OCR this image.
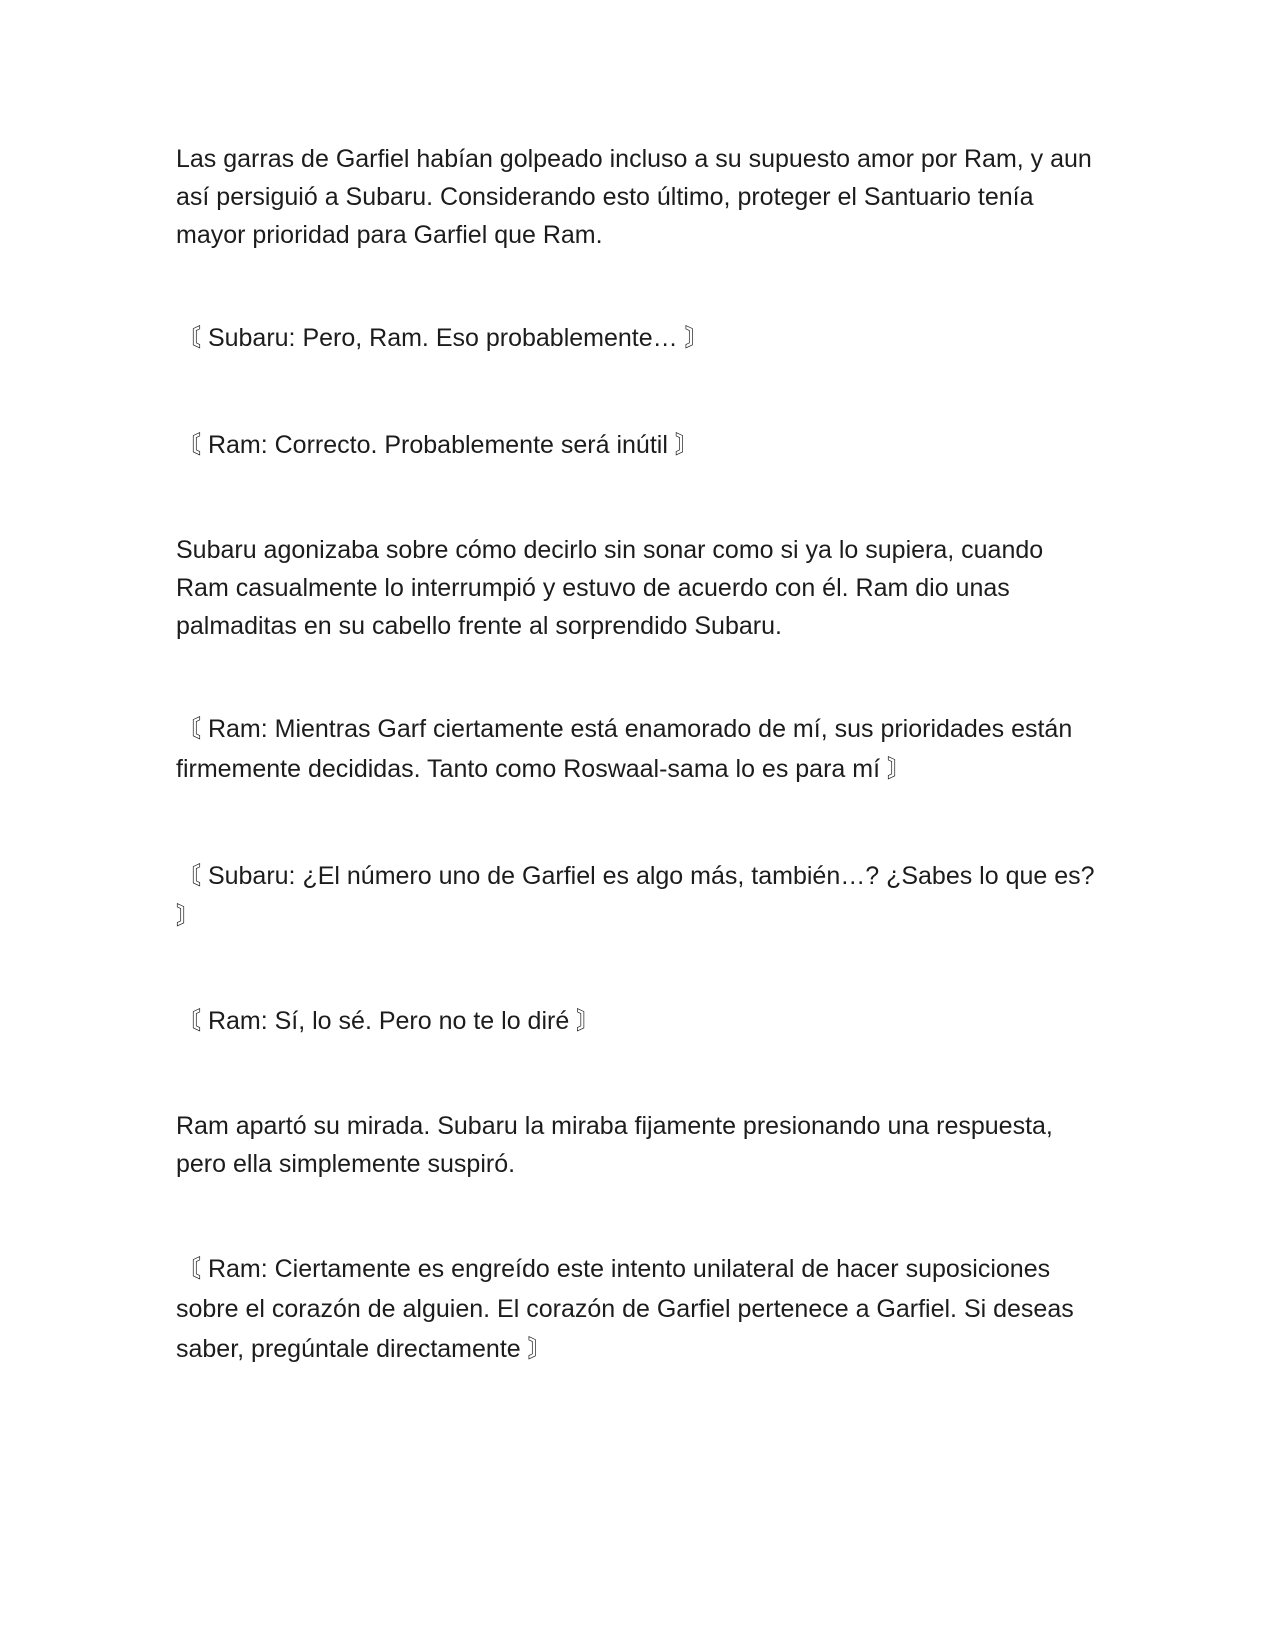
Las garras de Garfiel habían golpeado incluso a su supuesto amor por Ram, y aun así persiguió a Subaru. Considerando esto último, proteger el Santuario tenía mayor prioridad para Garfiel que Ram.

〘 Subaru: Pero, Ram. Eso probablemente… 〙

〘 Ram: Correcto. Probablemente será inútil 〙

Subaru agonizaba sobre cómo decirlo sin sonar como si ya lo supiera, cuando Ram casualmente lo interrumpió y estuvo de acuerdo con él. Ram dio unas palmaditas en su cabello frente al sorprendido Subaru.

〘 Ram: Mientras Garf ciertamente está enamorado de mí, sus prioridades están firmemente decididas. Tanto como Roswaal-sama lo es para mí 〙

〘 Subaru: ¿El número uno de Garfiel es algo más, también…? ¿Sabes lo que es? 〙

〘 Ram: Sí, lo sé. Pero no te lo diré 〙

Ram apartó su mirada. Subaru la miraba fijamente presionando una respuesta, pero ella simplemente suspiró.

〘 Ram: Ciertamente es engreído este intento unilateral de hacer suposiciones sobre el corazón de alguien. El corazón de Garfiel pertenece a Garfiel. Si deseas saber, pregúntale directamente 〙
